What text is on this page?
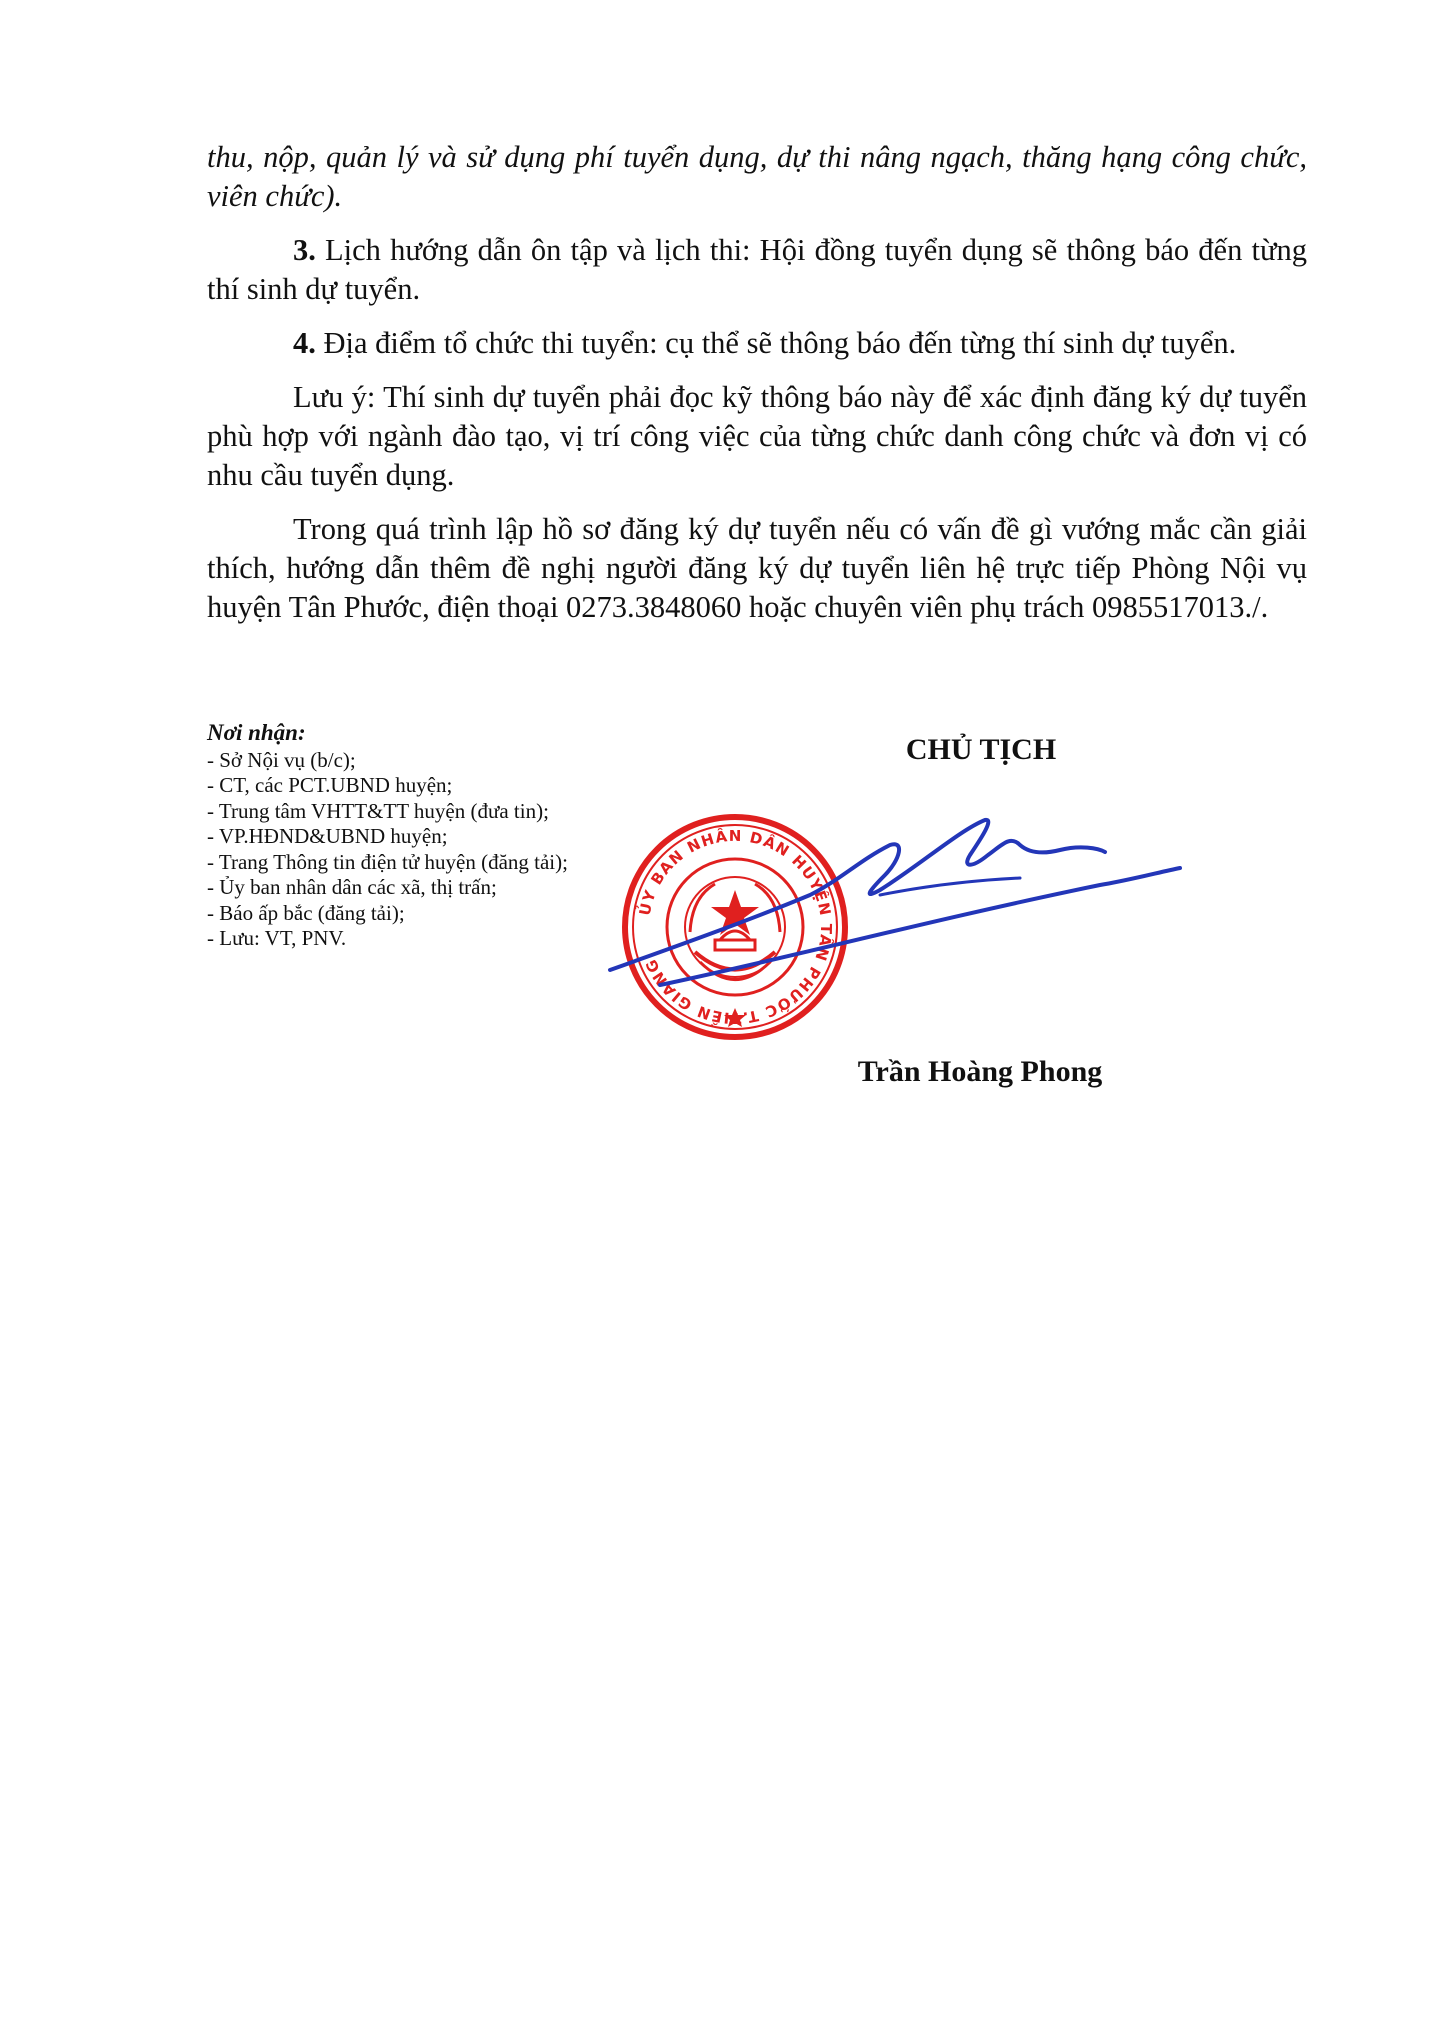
thu, nộp, quản lý và sử dụng phí tuyển dụng, dự thi nâng ngạch, thăng hạng công chức, viên chức).

3. Lịch hướng dẫn ôn tập và lịch thi: Hội đồng tuyển dụng sẽ thông báo đến từng thí sinh dự tuyển.

4. Địa điểm tổ chức thi tuyển: cụ thể sẽ thông báo đến từng thí sinh dự tuyển.

Lưu ý: Thí sinh dự tuyển phải đọc kỹ thông báo này để xác định đăng ký dự tuyển phù hợp với ngành đào tạo, vị trí công việc của từng chức danh công chức và đơn vị có nhu cầu tuyển dụng.

Trong quá trình lập hồ sơ đăng ký dự tuyển nếu có vấn đề gì vướng mắc cần giải thích, hướng dẫn thêm đề nghị người đăng ký dự tuyển liên hệ trực tiếp Phòng Nội vụ huyện Tân Phước, điện thoại 0273.3848060 hoặc chuyên viên phụ trách 0985517013./.

Nơi nhận:
- Sở Nội vụ (b/c);
- CT, các PCT.UBND huyện;
- Trung tâm VHTT&TT huyện (đưa tin);
- VP.HĐND&UBND huyện;
- Trang Thông tin điện tử huyện (đăng tải);
- Ủy ban nhân dân các xã, thị trấn;
- Báo ấp bắc (đăng tải);
- Lưu: VT, PNV.
CHỦ TỊCH
ỦY BAN NHÂN DÂN HUYỆN TÂN PHƯỚC T.TIỀN GIANG
Trần Hoàng Phong
